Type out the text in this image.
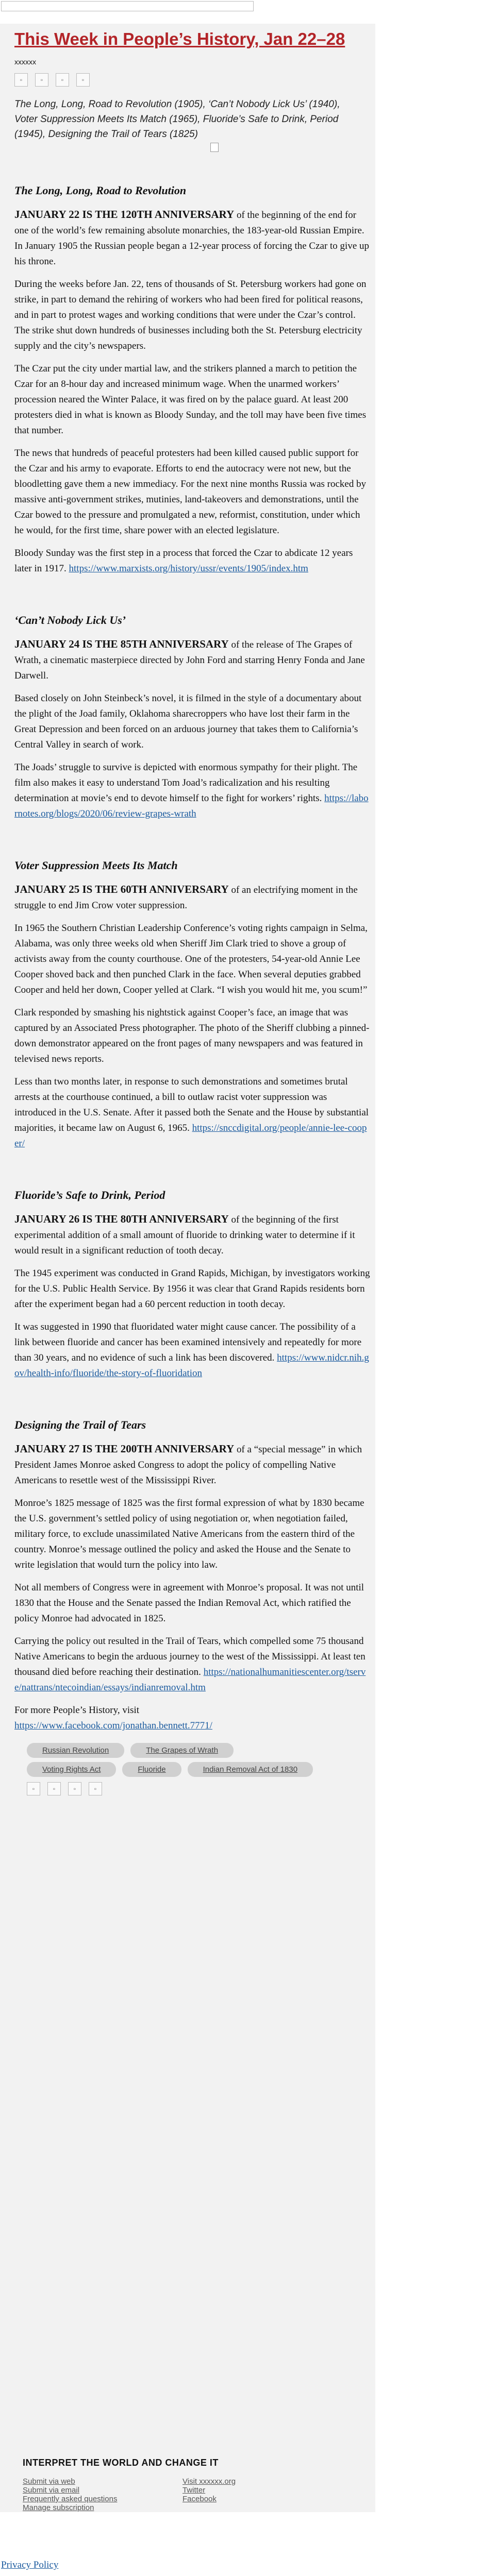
This Week in People’s History, Jan 22–28
xxxxxx
▫	▫	▫	▫

The Long, Long, Road to Revolution (1905), ‘Can’t Nobody Lick Us’ (1940), Voter Suppression Meets Its Match (1965), Fluoride’s Safe to Drink, Period (1945), Designing the Trail of Tears (1825)

The Long, Long, Road to Revolution

JANUARY 22 IS THE 120TH ANNIVERSARY of the beginning of the end for one of the world’s few remaining absolute monarchies, the 183-year-old Russian Empire. In January 1905 the Russian people began a 12-year process of forcing the Czar to give up his throne.

During the weeks before Jan. 22, tens of thousands of St. Petersburg workers had gone on strike, in part to demand the rehiring of workers who had been fired for political reasons, and in part to protest wages and working conditions that were under the Czar’s control. The strike shut down hundreds of businesses including both the St. Petersburg electricity supply and the city’s newspapers.

The Czar put the city under martial law, and the strikers planned a march to petition the Czar for an 8-hour day and increased minimum wage. When the unarmed workers’ procession neared the Winter Palace, it was fired on by the palace guard. At least 200 protesters died in what is known as Bloody Sunday, and the toll may have been five times that number.

The news that hundreds of peaceful protesters had been killed caused public support for the Czar and his army to evaporate. Efforts to end the autocracy were not new, but the bloodletting gave them a new immediacy. For the next nine months Russia was rocked by massive anti-government strikes, mutinies, land-takeovers and demonstrations, until the Czar bowed to the pressure and promulgated a new, reformist, constitution, under which he would, for the first time, share power with an elected legislature.

Bloody Sunday was the first step in a process that forced the Czar to abdicate 12 years later in 1917. https://www.marxists.org/history/ussr/events/1905/index.htm

‘Can’t Nobody Lick Us’

JANUARY 24 IS THE 85TH ANNIVERSARY of the release of The Grapes of Wrath, a cinematic masterpiece directed by John Ford and starring Henry Fonda and Jane Darwell.

Based closely on John Steinbeck’s novel, it is filmed in the style of a documentary about the plight of the Joad family, Oklahoma sharecroppers who have lost their farm in the Great Depression and been forced on an arduous journey that takes them to California’s Central Valley in search of work.

The Joads’ struggle to survive is depicted with enormous sympathy for their plight. The film also makes it easy to understand Tom Joad’s radicalization and his resulting determination at movie’s end to devote himself to the fight for workers’ rights. https://labornotes.org/blogs/2020/06/review-grapes-wrath

Voter Suppression Meets Its Match

JANUARY 25 IS THE 60TH ANNIVERSARY of an electrifying moment in the struggle to end Jim Crow voter suppression.

In 1965 the Southern Christian Leadership Conference’s voting rights campaign in Selma, Alabama, was only three weeks old when Sheriff Jim Clark tried to shove a group of activists away from the county courthouse. One of the protesters, 54-year-old Annie Lee Cooper shoved back and then punched Clark in the face. When several deputies grabbed Cooper and held her down, Cooper yelled at Clark. “I wish you would hit me, you scum!”

Clark responded by smashing his nightstick against Cooper’s face, an image that was captured by an Associated Press photographer. The photo of the Sheriff clubbing a pinned-down demonstrator appeared on the front pages of many newspapers and was featured in televised news reports.

Less than two months later, in response to such demonstrations and sometimes brutal arrests at the courthouse continued, a bill to outlaw racist voter suppression was introduced in the U.S. Senate. After it passed both the Senate and the House by substantial majorities, it became law on August 6, 1965. https://snccdigital.org/people/annie-lee-cooper/

Fluoride’s Safe to Drink, Period

JANUARY 26 IS THE 80TH ANNIVERSARY of the beginning of the first experimental addition of a small amount of fluoride to drinking water to determine if it would result in a significant reduction of tooth decay.

The 1945 experiment was conducted in Grand Rapids, Michigan, by investigators working for the U.S. Public Health Service. By 1956 it was clear that Grand Rapids residents born after the experiment began had a 60 percent reduction in tooth decay.

It was suggested in 1990 that fluoridated water might cause cancer. The possibility of a link between fluoride and cancer has been examined intensively and repeatedly for more than 30 years, and no evidence of such a link has been discovered. https://www.nidcr.nih.gov/health-info/fluoride/the-story-of-fluoridation

Designing the Trail of Tears

JANUARY 27 IS THE 200TH ANNIVERSARY of a “special message” in which President James Monroe asked Congress to adopt the policy of compelling Native Americans to resettle west of the Mississippi River.

Monroe’s 1825 message of 1825 was the first formal expression of what by 1830 became the U.S. government’s settled policy of using negotiation or, when negotiation failed, military force, to exclude unassimilated Native Americans from the eastern third of the country. Monroe’s message outlined the policy and asked the House and the Senate to write legislation that would turn the policy into law.

Not all members of Congress were in agreement with Monroe’s proposal. It was not until 1830 that the House and the Senate passed the Indian Removal Act, which ratified the policy Monroe had advocated in 1825.

Carrying the policy out resulted in the Trail of Tears, which compelled some 75 thousand Native Americans to begin the arduous journey to the west of the Mississippi. At least ten thousand died before reaching their destination. https://nationalhumanitiescenter.org/tserve/nattrans/ntecoindian/essays/indianremoval.htm

For more People’s History, visit
https://www.facebook.com/jonathan.bennett.7771/

Russian Revolution	The Grapes of Wrath
Voting Rights Act	Fluoride	Indian Removal Act of 1830
▫	▫	▫	▫
INTERPRET THE WORLD AND CHANGE IT
Submit via web
Submit via email
Frequently asked questions
Manage subscription
Visit xxxxxx.org
Twitter
Facebook
Privacy Policy
